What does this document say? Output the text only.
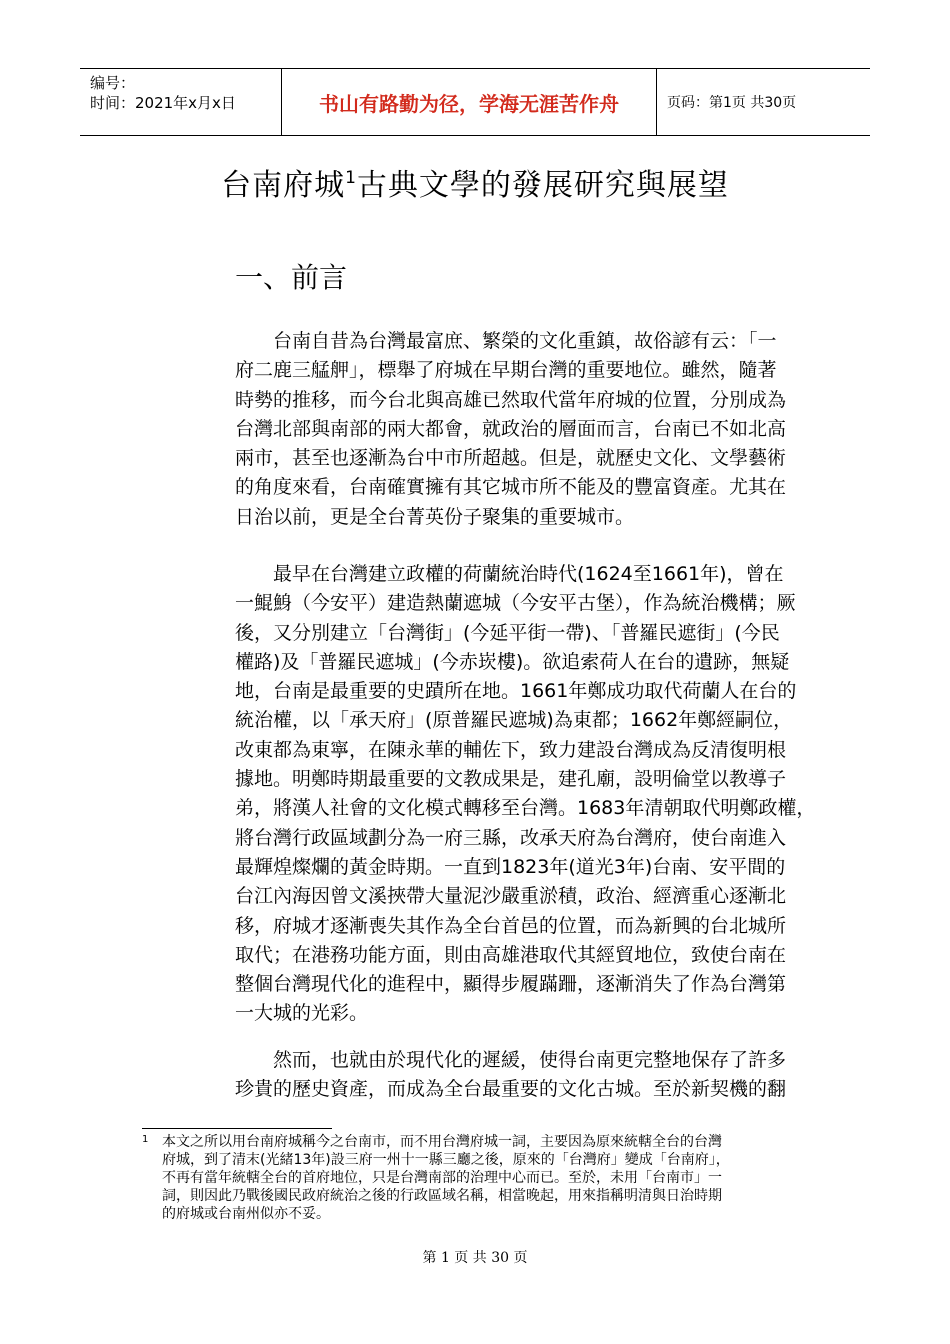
编号：
时间：2021年x月x日	书山有路勤为径，学海无涯苦作舟	页码：第1页 共30页
台南府城$^1$古典文學的發展研究與展望
一、前言
　　台南自昔為台灣最富庶、繁榮的文化重鎮，故俗諺有云：「一
府二鹿三艋舺」，標舉了府城在早期台灣的重要地位。雖然，隨著
時勢的推移，而今台北與高雄已然取代當年府城的位置，分別成為
台灣北部與南部的兩大都會，就政治的層面而言，台南已不如北高
兩市，甚至也逐漸為台中市所超越。但是，就歷史文化、文學藝術
的角度來看，台南確實擁有其它城市所不能及的豐富資產。尤其在
日治以前，更是全台菁英份子聚集的重要城市。
　　最早在台灣建立政權的荷蘭統治時代(1624至1661年)，曾在
一鯤鯓（今安平）建造熱蘭遮城（今安平古堡），作為統治機構；厥
後，又分別建立「台灣街」(今延平街一帶)、「普羅民遮街」(今民
權路)及「普羅民遮城」(今赤崁樓)。欲追索荷人在台的遺跡，無疑
地，台南是最重要的史蹟所在地。1661年鄭成功取代荷蘭人在台的
統治權，以「承天府」(原普羅民遮城)為東都；1662年鄭經嗣位，
改東都為東寧，在陳永華的輔佐下，致力建設台灣成為反清復明根
據地。明鄭時期最重要的文教成果是，建孔廟，設明倫堂以教導子
弟，將漢人社會的文化模式轉移至台灣。1683年清朝取代明鄭政權，
將台灣行政區域劃分為一府三縣，改承天府為台灣府，使台南進入
最輝煌燦爛的黃金時期。一直到1823年(道光3年)台南、安平間的
台江內海因曾文溪挾帶大量泥沙嚴重淤積，政治、經濟重心逐漸北
移，府城才逐漸喪失其作為全台首邑的位置，而為新興的台北城所
取代；在港務功能方面，則由高雄港取代其經貿地位，致使台南在
整個台灣現代化的進程中，顯得步履蹣跚，逐漸消失了作為台灣第
一大城的光彩。
　　然而，也就由於現代化的遲緩，使得台南更完整地保存了許多
珍貴的歷史資產，而成為全台最重要的文化古城。至於新契機的翻
1 本文之所以用台南府城稱今之台南市，而不用台灣府城一詞，主要因為原來統轄全台的台灣
府城，到了清末(光緒13年)設三府一州十一縣三廳之後，原來的「台灣府」變成「台南府」，
不再有當年統轄全台的首府地位，只是台灣南部的治理中心而已。至於，未用「台南市」一
詞，則因此乃戰後國民政府統治之後的行政區域名稱，相當晚起，用來指稱明清與日治時期
的府城或台南州似亦不妥。
第 1 页 共 30 页
